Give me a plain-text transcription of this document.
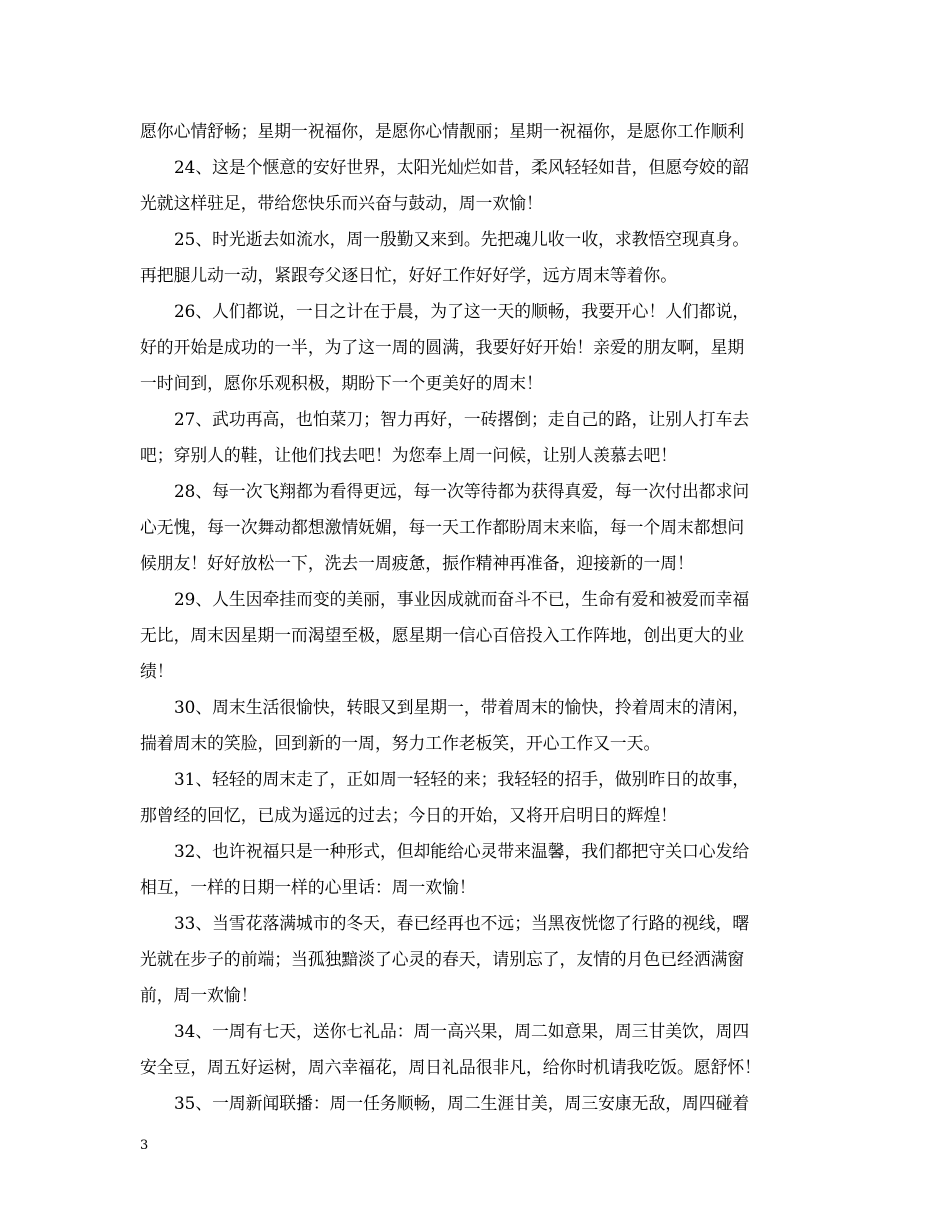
愿你心情舒畅；星期一祝福你，是愿你心情靓丽；星期一祝福你，是愿你工作顺利
24、这是个惬意的安好世界，太阳光灿烂如昔，柔风轻轻如昔，但愿夸姣的韶
光就这样驻足，带给您快乐而兴奋与鼓动，周一欢愉！
25、时光逝去如流水，周一殷勤又来到。先把魂儿收一收，求教悟空现真身。
再把腿儿动一动，紧跟夸父逐日忙，好好工作好好学，远方周末等着你。
26、人们都说，一日之计在于晨，为了这一天的顺畅，我要开心！人们都说，
好的开始是成功的一半，为了这一周的圆满，我要好好开始！亲爱的朋友啊，星期
一时间到，愿你乐观积极，期盼下一个更美好的周末！
27、武功再高，也怕菜刀；智力再好，一砖撂倒；走自己的路，让别人打车去
吧；穿别人的鞋，让他们找去吧！为您奉上周一问候，让别人羡慕去吧！
28、每一次飞翔都为看得更远，每一次等待都为获得真爱，每一次付出都求问
心无愧，每一次舞动都想激情妩媚，每一天工作都盼周末来临，每一个周末都想问
候朋友！好好放松一下，洗去一周疲惫，振作精神再准备，迎接新的一周！
29、人生因牵挂而变的美丽，事业因成就而奋斗不已，生命有爱和被爱而幸福
无比，周末因星期一而渴望至极，愿星期一信心百倍投入工作阵地，创出更大的业
绩！
30、周末生活很愉快，转眼又到星期一，带着周末的愉快，拎着周末的清闲，
揣着周末的笑脸，回到新的一周，努力工作老板笑，开心工作又一天。
31、轻轻的周末走了，正如周一轻轻的来；我轻轻的招手，做别昨日的故事，
那曾经的回忆，已成为遥远的过去；今日的开始，又将开启明日的辉煌！
32、也许祝福只是一种形式，但却能给心灵带来温馨，我们都把守关口心发给
相互，一样的日期一样的心里话：周一欢愉！
33、当雪花落满城市的冬天，春已经再也不远；当黑夜恍惚了行路的视线，曙
光就在步子的前端；当孤独黯淡了心灵的春天，请别忘了，友情的月色已经洒满窗
前，周一欢愉！
34、一周有七天，送你七礼品：周一高兴果，周二如意果，周三甘美饮，周四
安全豆，周五好运树，周六幸福花，周日礼品很非凡，给你时机请我吃饭。愿舒怀！
35、一周新闻联播：周一任务顺畅，周二生涯甘美，周三安康无敌，周四碰着
3
